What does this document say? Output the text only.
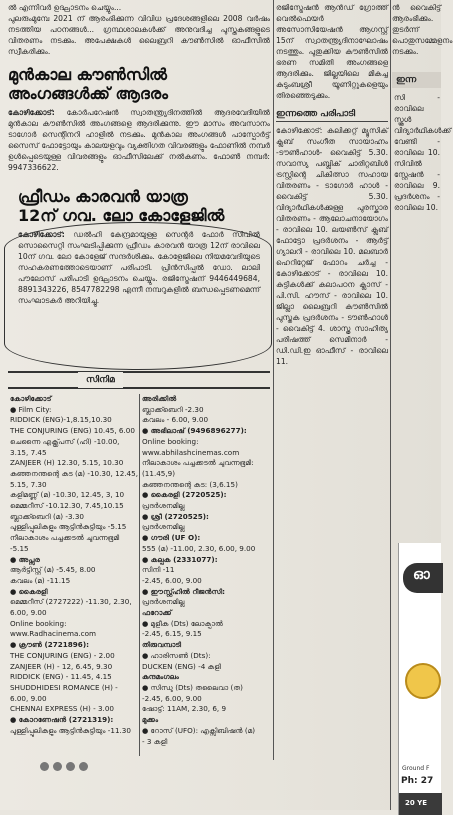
ൽ എന്നിവർ ഉദ്ഘാടനം ചെയ്യും...

പുലരുംമുമ്പേ 2021 ന് ആരംഭിക്കുന്ന വിവിധ പ്രദേശങ്ങളിലെ 2008 വർഷം നടത്തിയ പഠനങ്ങൾ... ഗ്രന്ഥശാലകൾക്ക് അനുവദിച്ച പുസ്തകങ്ങളുടെ വിതരണം നടക്കും. അപേക്ഷകൾ ലൈബ്രറി കൗൺസിൽ ഓഫീസിൽ സ്വീകരിക്കും.

മുൻകാല കൗൺസിൽ അംഗങ്ങൾക്ക് ആദരം

കോഴിക്കോട്: കോർപറേഷൻ സ്വാതന്ത്ര്യദിനത്തിൽ ആദരവേദിയിൽ മുൻകാല കൗൺസിൽ അംഗങ്ങളെ ആദരിക്കുന്നു. ഈ മാസം അവസാനം ടാഗോർ സെന്റിനറി ഹാളിൽ നടക്കും. മുൻകാല അംഗങ്ങൾ പാസ്പോർട്ട് സൈസ് ഫോട്ടോയും കാലയളവും വ്യക്തിഗത വിവരങ്ങളും ഫോണിൽ നമ്പർ ഉൾപ്പെടെയുള്ള വിവരങ്ങളും ഓഫീസിലേക്ക് നൽകണം. ഫോൺ നമ്പർ: 9947336622.

ഫ്രീഡം കാരവൻ യാത്ര 12ന് ഗവ. ലോ കോളേജിൽ

കോഴിക്കോട്: ഡൽഹി കേന്ദ്രമായുള്ള സെന്റർ ഫോർ സിവിൽ സൊസൈറ്റി സംഘടിപ്പിക്കുന്ന ഫ്രീഡം കാരവൻ യാത്ര 12ന് രാവിലെ 10ന് ഗവ. ലോ കോളേജ് സന്ദർശിക്കും. കോളേജിലെ നിയമവേദിയുടെ സഹകരണത്തോടെയാണ് പരിപാടി. പ്രിൻസിപ്പൽ ഡോ. ലാലി പൗലോസ് പരിപാടി ഉദ്ഘാടനം ചെയ്യും. രജിസ്ട്രേഷന് 9446449684, 8891343226, 8547782298 എന്നീ നമ്പറുകളിൽ ബന്ധപ്പെടണമെന്ന് സംഘാടകർ അറിയിച്ചു.

സിനിമ
കോഴിക്കോട്
● Film City:
RIDDICK (ENG)-1,8.15,10.30
THE CONJURING (ENG) 10.45, 6.00
ചെന്നൈ എക്സ്പ്രസ് (ഹി) -10.00, 3.15, 7.45
ZANJEER (H) 12.30, 5.15, 10.30
കുഞ്ഞനന്തന്റെ കട (മ) -10.30, 12.45, 5.15, 7.30
കളിമണ്ണ് (മ) -10.30, 12.45, 3, 10
മെമ്മറീസ് -10.12.30, 7.45,10.15
ബ്ലാക്ക്ബെറി (മ) -3.30
പുള്ളിപ്പുലികളും ആട്ടിൻകുട്ടിയും -5.15
നീലാകാശം പച്ചക്കടൽ ചുവന്നഭൂമി -5.15
● അപ്സര
ആർട്ടിസ്റ്റ് (മ) -5.45, 8.00
കവലം (മ) -11.15
● കൈരളി
മെമ്മറീസ് (2727222) -11.30, 2.30, 6.00, 9.00
Online booking: www.Radhacinema.com
● ക്രൗൺ (2721896):
THE CONJURING (ENG) - 2.00
ZANJEER (H) - 12, 6.45, 9.30
RIDDICK (ENG) - 11.45, 4.15
SHUDDHIDESI ROMANCE (H) - 6.00, 9.00
CHENNAI EXPRESS (H) - 3.00
● കോറണേഷൻ (2721319):
പുള്ളിപ്പുലികളും ആട്ടിൻകുട്ടിയും -11.30
അരിക്കിൽ
ബ്ലാക്ക്ബെറി -2.30
കവലം - 6.00, 9.00
● അഭിലാഷ് (9496896277):
Online booking: www.abhilashcinemas.com
നീലാകാശം പച്ചക്കടൽ ചുവന്നഭൂമി: (11.45,9)
കുഞ്ഞനന്തന്റെ കട: (3,6.15)
● കൈരളി (2720525):
പ്രദർശനമില്ല
● ശ്രീ (2720525):
പ്രദർശനമില്ല
● ഗൗരി (UF O):
555 (മ) -11.00, 2.30, 6.00, 9.00
● കല്പക (2331077):
സിനി -11
-2.45, 6.00, 9.00
● ഈസ്റ്റ്ഹിൽ റീജൻസി:
പ്രദർശനമില്ല
ഫറോക്ക്
● മുളീക (Dts) ലോക്പാൽ
-2.45, 6.15, 9.15
തിരുവമ്പാടി
● ഹാരിസൺ (Dts):
DUCKEN (ENG) -4 കളി
കുന്ദമംഗലം
● സിന്ധു (Dts) തലൈവാ (ത)
-2.45, 6.00, 9.00
ഷോട്ട്: 11AM, 2.30, 6, 9
മുക്കം
● റോസ് (UFO): എക്സിബിഷൻ (മ)
- 3 കളി

രജിസ്ട്രേഷൻ ആൻഡ് ഗ്രോത്ത് വെൽഫെയർ അസോസിയേഷൻ ആഗസ്റ്റ് 15ന് സ്വാതന്ത്ര്യദിനാഘോഷം നടത്തും. പുതുക്കിയ കൗൺസിൽ ഭരണ സമിതി അംഗങ്ങളെ ആദരിക്കും. ജില്ലയിലെ മികച്ച കുടുംബശ്രീ യൂണിറ്റുകളെയും തിരഞ്ഞെടുക്കും.

ഇന്നത്തെ പരിപാടി

കോഴിക്കോട്: കലിക്കറ്റ് മ്യൂസിക് ക്ലബ് സംഗീത സായാഹ്നം -ടൗൺഹാൾ- വൈകിട്ട് 5.30. സവാസ്യ പബ്ലിക് ചാരിറ്റബിൾ ട്രസ്റ്റിന്റെ ചികിത്സാ സഹായ വിതരണം - ടാഗോർ ഹാൾ - വൈകിട്ട് 5.30. വിദ്യാർഥികൾക്കുള്ള പുരസ്കാര വിതരണം - ആലോചനായോഗം - രാവിലെ 10. ലയൺസ് ക്ലബ് ഫോട്ടോ പ്രദർശനം - ആർട്ട് ഗ്യാലറി - രാവിലെ 10. മലബാർ ഹെറിറ്റേജ് ഫോറം ചർച്ച - കോഴിക്കോട് - രാവിലെ 10. കുട്ടികൾക്ക് കലാപഠന ക്ലാസ് - പി.സി. ഹൗസ് - രാവിലെ 10. ജില്ലാ ലൈബ്രറി കൗൺസിൽ പുസ്തക പ്രദർശനം - ടൗൺഹാൾ - വൈകിട്ട് 4. ശാസ്ത്ര സാഹിത്യ പരിഷത്ത് സെമിനാർ - ഡി.ഡി.ഇ ഓഫീസ് - രാവിലെ 11.

ൻ വൈകിട്ട് ആരംഭിക്കും. തുടർന്ന് പൊതുസമ്മേളനം നടക്കും.

ഇന്ന

സി - രാവിലെ സ്കൂൾ വിദ്യാർഥികൾക്ക് വേണ്ടി - രാവിലെ 10. സിവിൽ സ്റ്റേഷൻ - രാവിലെ 9. പ്രദർശനം - രാവിലെ 10.

ഓ
Ground F
Ph: 27
20 YE
